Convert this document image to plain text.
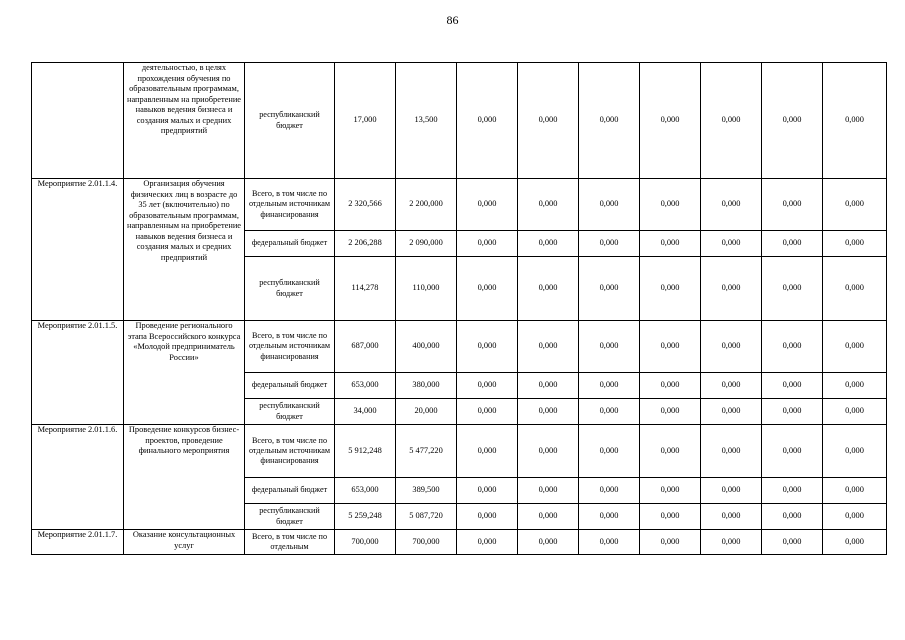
86
	деятельностью, в целях прохождения обучения по образовательным программам, направленным на приобретение навыков ведения бизнеса и создания малых и средних предприятий	республиканский бюджет	17,000	13,500	0,000	0,000	0,000	0,000	0,000	0,000	0,000
Мероприятие 2.01.1.4.	Организация обучения физических лиц в возрасте до 35 лет (включительно) по образовательным программам, направленным на приобретение навыков ведения бизнеса и создания малых и средних предприятий	Всего, в том числе по отдельным источникам финансирования	2 320,566	2 200,000	0,000	0,000	0,000	0,000	0,000	0,000	0,000
		федеральный бюджет	2 206,288	2 090,000	0,000	0,000	0,000	0,000	0,000	0,000	0,000
		республиканский бюджет	114,278	110,000	0,000	0,000	0,000	0,000	0,000	0,000	0,000
Мероприятие 2.01.1.5.	Проведение регионального этапа Всероссийского конкурса «Молодой предприниматель России»	Всего, в том числе по отдельным источникам финансирования	687,000	400,000	0,000	0,000	0,000	0,000	0,000	0,000	0,000
		федеральный бюджет	653,000	380,000	0,000	0,000	0,000	0,000	0,000	0,000	0,000
		республиканский бюджет	34,000	20,000	0,000	0,000	0,000	0,000	0,000	0,000	0,000
Мероприятие 2.01.1.6.	Проведение конкурсов бизнес-проектов, проведение финального мероприятия	Всего, в том числе по отдельным источникам финансирования	5 912,248	5 477,220	0,000	0,000	0,000	0,000	0,000	0,000	0,000
		федеральный бюджет	653,000	389,500	0,000	0,000	0,000	0,000	0,000	0,000	0,000
		республиканский бюджет	5 259,248	5 087,720	0,000	0,000	0,000	0,000	0,000	0,000	0,000
Мероприятие 2.01.1.7.	Оказание консультационных услуг	Всего, в том числе по отдельным	700,000	700,000	0,000	0,000	0,000	0,000	0,000	0,000	0,000
